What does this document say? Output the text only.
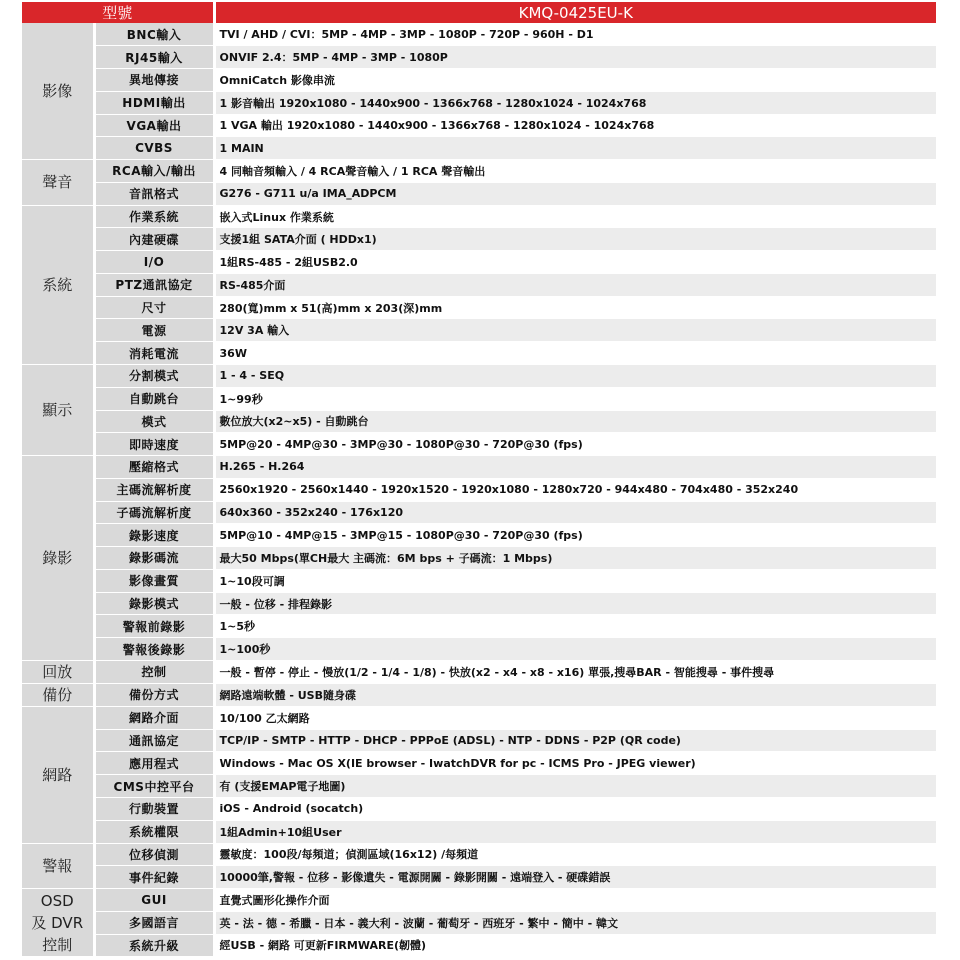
型號		KMQ-0425EU-K
影像	BNC輸入	TVI / AHD / CVI：5MP - 4MP - 3MP - 1080P - 720P - 960H - D1
	RJ45輸入	ONVIF 2.4：5MP - 4MP - 3MP - 1080P
	異地傳接	OmniCatch 影像串流
	HDMI輸出	1 影音輸出 1920x1080 - 1440x900 - 1366x768 - 1280x1024 - 1024x768
	VGA輸出	1 VGA 輸出 1920x1080 - 1440x900 - 1366x768 - 1280x1024 - 1024x768
	CVBS	1 MAIN
聲音	RCA輸入/輸出	4 同軸音頻輸入 / 4 RCA聲音輸入 / 1 RCA 聲音輸出
	音訊格式	G276 - G711 u/a IMA_ADPCM
系統	作業系統	嵌入式Linux 作業系統
	內建硬碟	支援1組 SATA介面 ( HDDx1)
	I/O	1組RS-485 - 2組USB2.0
	PTZ通訊協定	RS-485介面
	尺寸	280(寬)mm x 51(高)mm x 203(深)mm
	電源	12V 3A 輸入
	消耗電流	36W
顯示	分割模式	1 - 4 - SEQ
	自動跳台	1~99秒
	模式	數位放大(x2~x5) - 自動跳台
	即時速度	5MP@20 - 4MP@30 - 3MP@30 - 1080P@30 - 720P@30 (fps)
錄影	壓縮格式	H.265 - H.264
	主碼流解析度	2560x1920 - 2560x1440 - 1920x1520 - 1920x1080 - 1280x720 - 944x480 - 704x480 - 352x240
	子碼流解析度	640x360 - 352x240 - 176x120
	錄影速度	5MP@10 - 4MP@15 - 3MP@15 - 1080P@30 - 720P@30 (fps)
	錄影碼流	最大50 Mbps(單CH最大 主碼流：6M bps + 子碼流：1 Mbps)
	影像畫質	1~10段可調
	錄影模式	一般 - 位移 - 排程錄影
	警報前錄影	1~5秒
	警報後錄影	1~100秒
回放	控制	一般 - 暫停 - 停止 - 慢放(1/2 - 1/4 - 1/8) - 快放(x2 - x4 - x8 - x16) 單張,搜尋BAR - 智能搜尋 - 事件搜尋
備份	備份方式	網路遠端軟體 - USB隨身碟
網路	網路介面	10/100 乙太網路
	通訊協定	TCP/IP - SMTP - HTTP - DHCP - PPPoE (ADSL) - NTP - DDNS - P2P (QR code)
	應用程式	Windows - Mac OS X(IE browser - IwatchDVR for pc - ICMS Pro - JPEG viewer)
	CMS中控平台	有 (支援EMAP電子地圖)
	行動裝置	iOS - Android (socatch)
	系統權限	1組Admin+10組User
警報	位移偵測	靈敏度：100段/每頻道；偵測區域(16x12) /每頻道
	事件紀錄	10000筆,警報 - 位移 - 影像遺失 - 電源開關 - 錄影開關 - 遠端登入 - 硬碟錯誤
OSD
及 DVR
控制	GUI	直覺式圖形化操作介面
	多國語言	英 - 法 - 德 - 希臘 - 日本 - 義大利 - 波蘭 - 葡萄牙 - 西班牙 - 繁中 - 簡中 - 韓文
	系統升級	經USB - 網路 可更新FIRMWARE(韌體)
